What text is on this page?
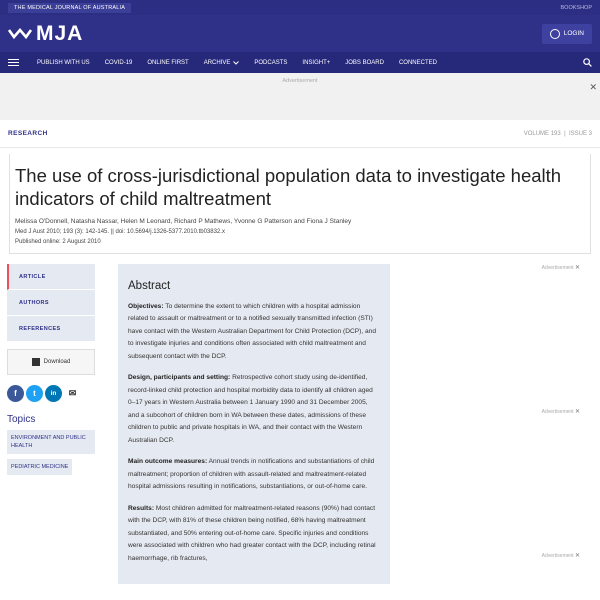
THE MEDICAL JOURNAL OF AUSTRALIA	BOOKSHOP
MJA	LOGIN
PUBLISH WITH US	COVID-19	ONLINE FIRST	ARCHIVE	PODCASTS	INSIGHT+	JOBS BOARD	CONNECTED
Advertisement
✕
RESEARCH	VOLUME 193  |  ISSUE 3
The use of cross-jurisdictional population data to investigate health indicators of child maltreatment
Melissa O'Donnell, Natasha Nassar, Helen M Leonard, Richard P Mathews, Yvonne G Patterson and Fiona J Stanley
Med J Aust 2010; 193 (3): 142-145. || doi: 10.5694/j.1326-5377.2010.tb03832.x
Published online: 2 August 2010
ARTICLE
AUTHORS
REFERENCES
Download
f	t	in	✉
Topics
ENVIRONMENT AND PUBLIC HEALTH
PEDIATRIC MEDICINE
Abstract

Objectives: To determine the extent to which children with a hospital admission related to assault or maltreatment or to a notified sexually transmitted infection (STI) have contact with the Western Australian Department for Child Protection (DCP), and to investigate injuries and conditions often associated with child maltreatment and subsequent contact with the DCP.

Design, participants and setting: Retrospective cohort study using de-identified, record-linked child protection and hospital morbidity data to identify all children aged 0–17 years in Western Australia between 1 January 1990 and 31 December 2005, and a subcohort of children born in WA between these dates, admissions of these children to public and private hospitals in WA, and their contact with the Western Australian DCP.

Main outcome measures: Annual trends in notifications and substantiations of child maltreatment; proportion of children with assault-related and maltreatment-related hospital admissions resulting in notifications, substantiations, or out-of-home care.

Results: Most children admitted for maltreatment-related reasons (90%) had contact with the DCP, with 81% of these children being notified, 68% having maltreatment substantiated, and 50% entering out-of-home care. Specific injuries and conditions were associated with children who had greater contact with the DCP, including retinal haemorrhage, rib fractures,

Advertisement ✕
Advertisement ✕
Advertisement ✕
